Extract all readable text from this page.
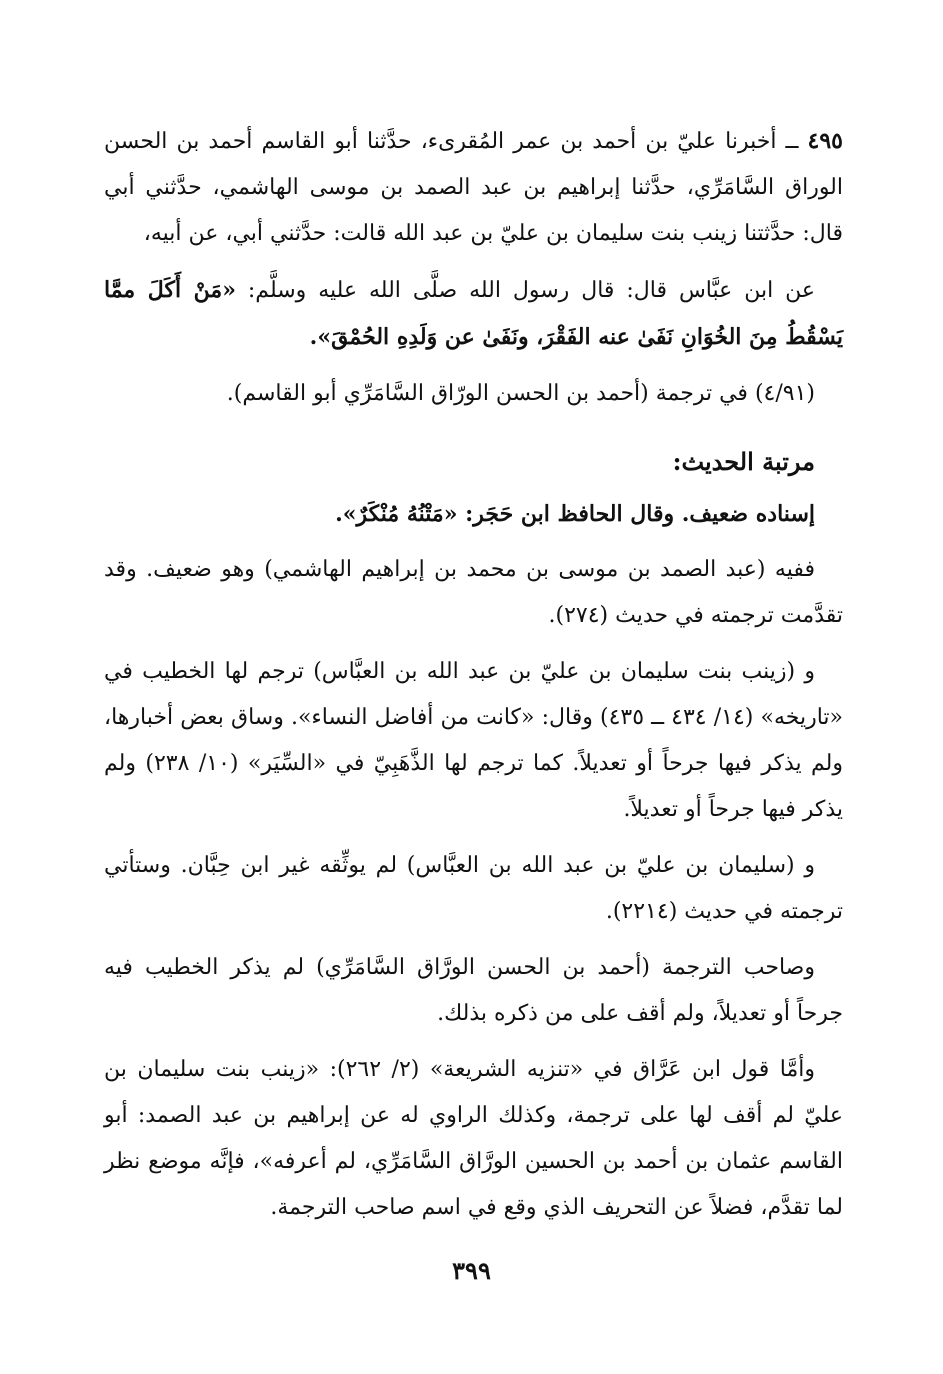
٤٩٥ ــ أخبرنا عليّ بن أحمد بن عمر المُقرىء، حدَّثنا أبو القاسم أحمد بن الحسن الوراق السَّامَرِّي، حدَّثنا إبراهيم بن عبد الصمد بن موسى الهاشمي، حدَّثني أبي قال: حدَّثتنا زينب بنت سليمان بن عليّ بن عبد الله قالت: حدَّثني أبي، عن أبيه،

عن ابن عبَّاس قال: قال رسول الله صلَّى الله عليه وسلَّم: «مَنْ أَكَلَ ممَّا يَسْقُطُ مِنَ الخُوَانِ نَفَىٰ عنه الفَقْرَ، ونَفَىٰ عن وَلَدِهِ الحُمْقَ».

(٤/٩١) في ترجمة (أحمد بن الحسن الورّاق السَّامَرِّي أبو القاسم).

مرتبة الحديث:

إسناده ضعيف. وقال الحافظ ابن حَجَر: «مَتْنُهُ مُنْكَرٌ».

ففيه (عبد الصمد بن موسى بن محمد بن إبراهيم الهاشمي) وهو ضعيف. وقد تقدَّمت ترجمته في حديث (٢٧٤).

و (زينب بنت سليمان بن عليّ بن عبد الله بن العبَّاس) ترجم لها الخطيب في «تاريخه» (١٤/ ٤٣٤ ــ ٤٣٥) وقال: «كانت من أفاضل النساء». وساق بعض أخبارها، ولم يذكر فيها جرحاً أو تعديلاً. كما ترجم لها الذَّهَبِيّ في «السِّيَر» (١٠/ ٢٣٨) ولم يذكر فيها جرحاً أو تعديلاً.

و (سليمان بن عليّ بن عبد الله بن العبَّاس) لم يوثِّقه غير ابن حِبَّان. وستأتي ترجمته في حديث (٢٢١٤).

وصاحب الترجمة (أحمد بن الحسن الورَّاق السَّامَرِّي) لم يذكر الخطيب فيه جرحاً أو تعديلاً، ولم أقف على من ذكره بذلك.

وأمَّا قول ابن عَرَّاق في «تنزيه الشريعة» (٢/ ٢٦٢): «زينب بنت سليمان بن عليّ لم أقف لها على ترجمة، وكذلك الراوي له عن إبراهيم بن عبد الصمد: أبو القاسم عثمان بن أحمد بن الحسين الورَّاق السَّامَرِّي، لم أعرفه»، فإنَّه موضع نظر لما تقدَّم، فضلاً عن التحريف الذي وقع في اسم صاحب الترجمة.

٣٩٩
